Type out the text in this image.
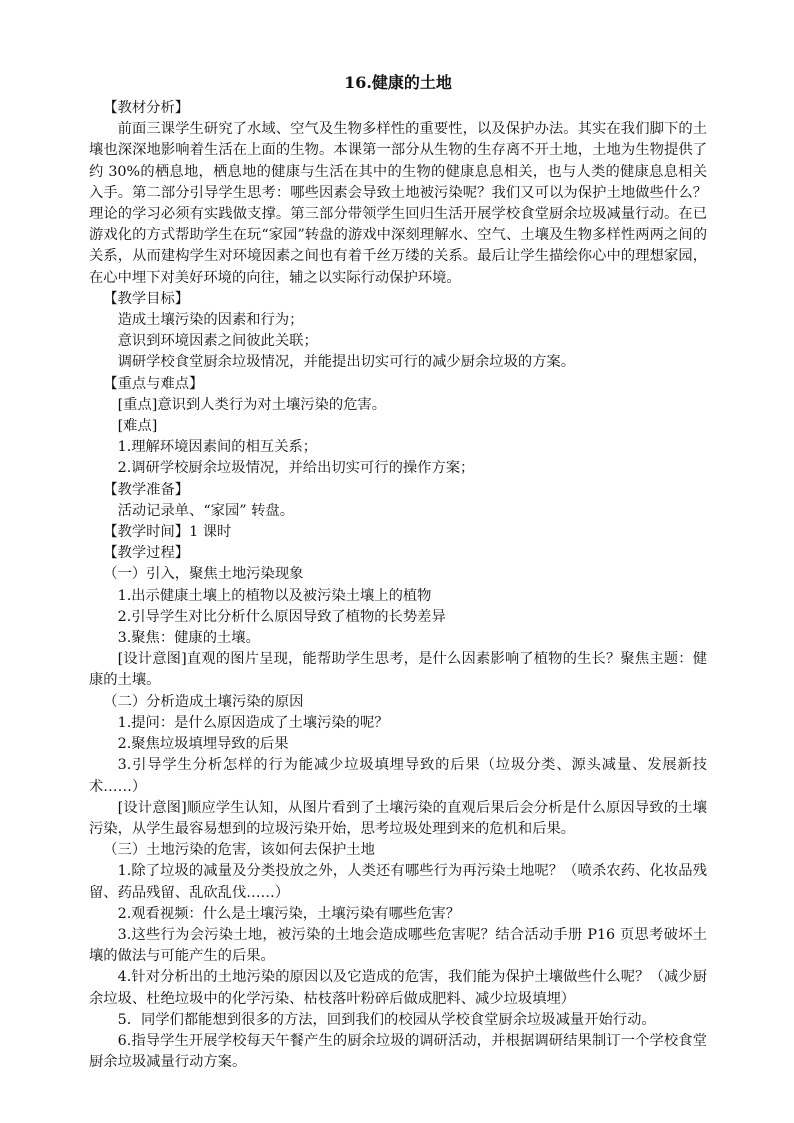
16.健康的土地

【教材分析】

前面三课学生研究了水域、空气及生物多样性的重要性，以及保护办法。其实在我们脚下的土壤也深深地影响着生活在上面的生物。本课第一部分从生物的生存离不开土地，土地为生物提供了约 30%的栖息地，栖息地的健康与生活在其中的生物的健康息息相关，也与人类的健康息息相关入手。第二部分引导学生思考：哪些因素会导致土地被污染呢？我们又可以为保护土地做些什么？理论的学习必须有实践做支撑。第三部分带领学生回归生活开展学校食堂厨余垃圾减量行动。在已游戏化的方式帮助学生在玩“家园”转盘的游戏中深刻理解水、空气、土壤及生物多样性两两之间的关系，从而建构学生对环境因素之间也有着千丝万缕的关系。最后让学生描绘你心中的理想家园，在心中埋下对美好环境的向往，辅之以实际行动保护环境。

【教学目标】

造成土壤污染的因素和行为；

意识到环境因素之间彼此关联；

调研学校食堂厨余垃圾情况，并能提出切实可行的减少厨余垃圾的方案。

【重点与难点】

[重点]意识到人类行为对土壤污染的危害。

[难点]

1.理解环境因素间的相互关系；

2.调研学校厨余垃圾情况，并给出切实可行的操作方案；

【教学准备】

活动记录单、“家园” 转盘。

【教学时间】1 课时

【教学过程】

（一）引入，聚焦土地污染现象

1.出示健康土壤上的植物以及被污染土壤上的植物

2.引导学生对比分析什么原因导致了植物的长势差异

3.聚焦：健康的土壤。

[设计意图]直观的图片呈现，能帮助学生思考，是什么因素影响了植物的生长？聚焦主题：健康的土壤。

（二）分析造成土壤污染的原因

1.提问：是什么原因造成了土壤污染的呢？

2.聚焦垃圾填埋导致的后果

3.引导学生分析怎样的行为能减少垃圾填埋导致的后果（垃圾分类、源头减量、发展新技术……）

[设计意图]顺应学生认知，从图片看到了土壤污染的直观后果后会分析是什么原因导致的土壤污染，从学生最容易想到的垃圾污染开始，思考垃圾处理到来的危机和后果。

（三）土地污染的危害，该如何去保护土地

1.除了垃圾的减量及分类投放之外，人类还有哪些行为再污染土地呢？（喷杀农药、化妆品残留、药品残留、乱砍乱伐……）

2.观看视频：什么是土壤污染，土壤污染有哪些危害？

3.这些行为会污染土地，被污染的土地会造成哪些危害呢？结合活动手册 P16 页思考破坏土壤的做法与可能产生的后果。

4.针对分析出的土地污染的原因以及它造成的危害，我们能为保护土壤做些什么呢？（减少厨余垃圾、杜绝垃圾中的化学污染、枯枝落叶粉碎后做成肥料、减少垃圾填埋）

5．同学们都能想到很多的方法，回到我们的校园从学校食堂厨余垃圾减量开始行动。

6.指导学生开展学校每天午餐产生的厨余垃圾的调研活动，并根据调研结果制订一个学校食堂厨余垃圾减量行动方案。
